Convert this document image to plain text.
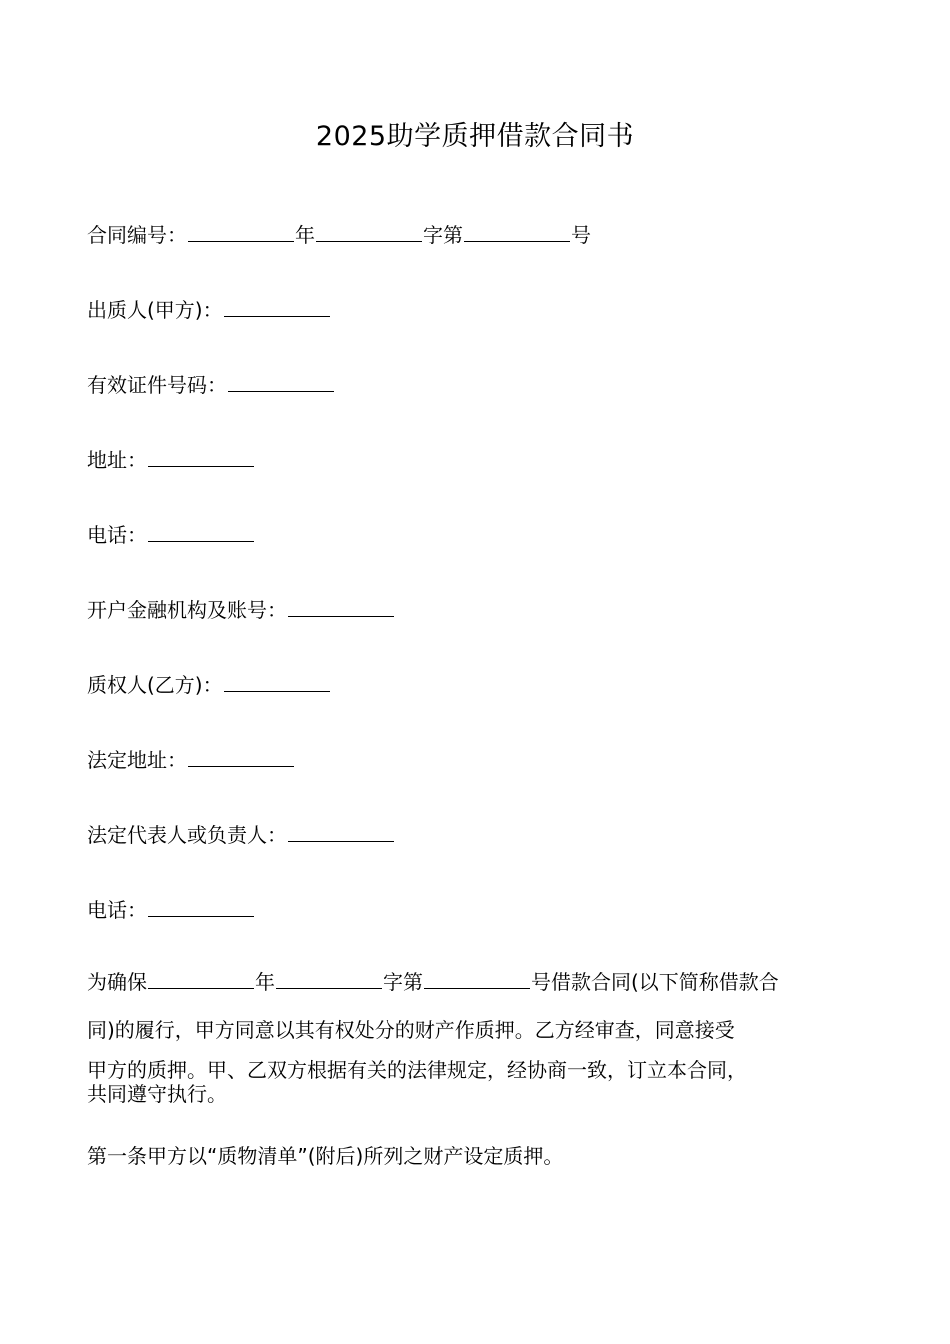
2025助学质押借款合同书
合同编号：	年	字第	号
出质人(甲方)：
有效证件号码：
地址：
电话：
开户金融机构及账号：
质权人(乙方)：
法定地址：
法定代表人或负责人：
电话：
为确保	年	字第	号借款合同(以下简称借款合
同)的履行，甲方同意以其有权处分的财产作质押。乙方经审查，同意接受
甲方的质押。甲、乙双方根据有关的法律规定，经协商一致，订立本合同，
共同遵守执行。
第一条甲方以“质物清单”(附后)所列之财产设定质押。
